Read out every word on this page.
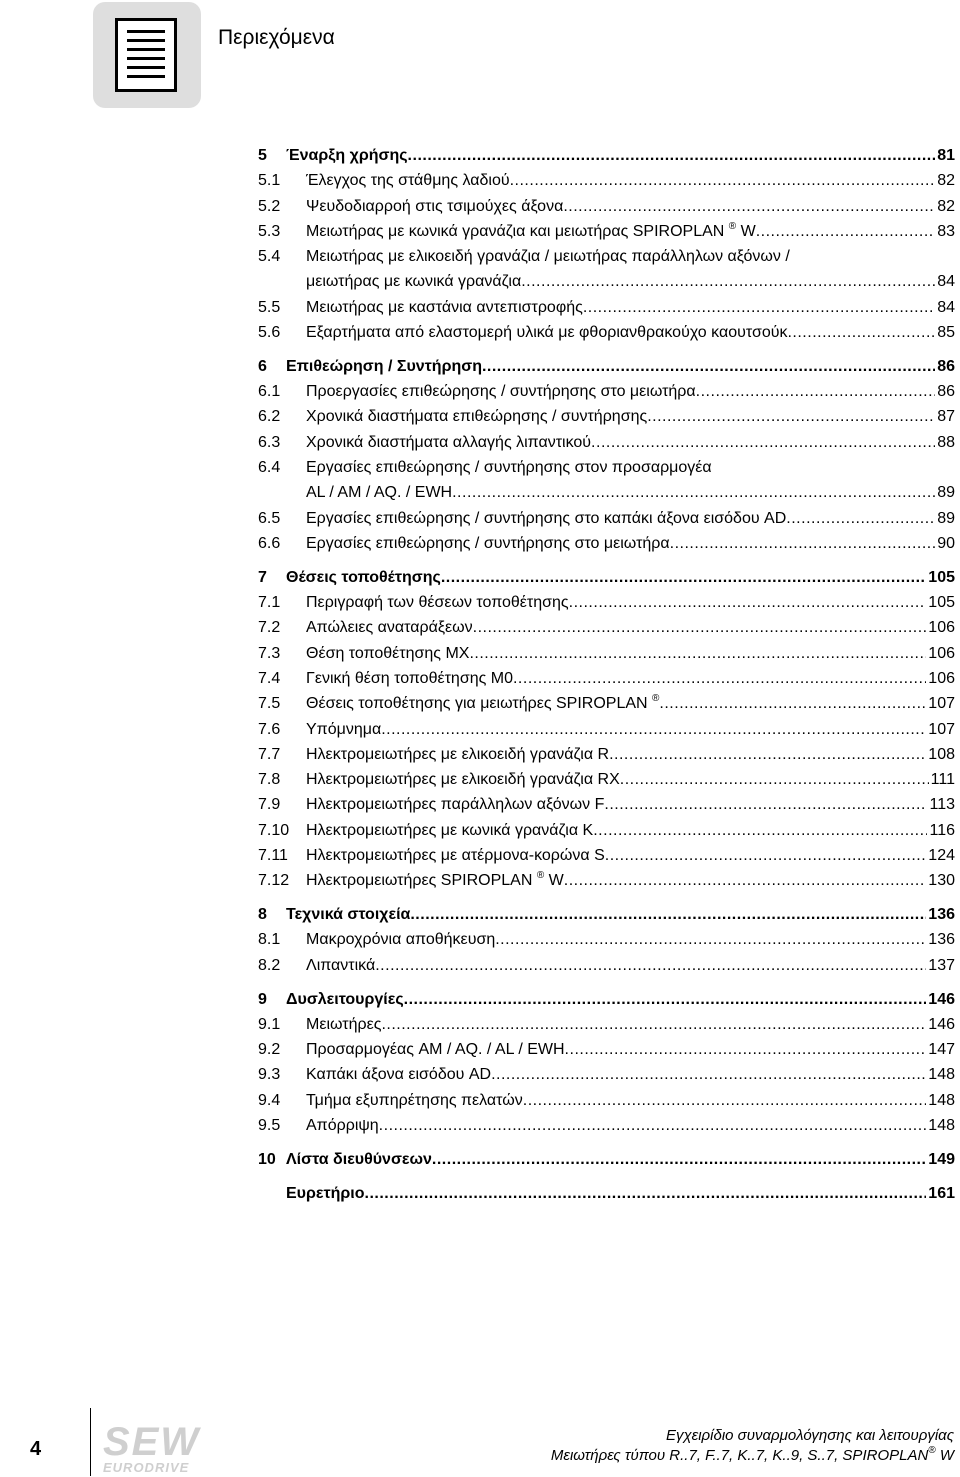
Περιεχόμενα
5	Έναρξη χρήσης .....	81
5.1	Έλεγχος της στάθμης λαδιού .....	82
5.2	Ψευδοδιαρροή στις τσιμούχες άξονα .....	82
5.3	Μειωτήρας με κωνικά γρανάζια και μειωτήρας SPIROPLAN ® W .....	83
5.4	Μειωτήρας με ελικοειδή γρανάζια / μειωτήρας παράλληλων αξόνων /
μειωτήρας με κωνικά γρανάζια .....	84
5.5	Μειωτήρας με καστάνια αντεπιστροφής .....	84
5.6	Εξαρτήματα από ελαστομερή υλικά με φθοριανθρακούχο καουτσούκ .....	85
6	Επιθεώρηση / Συντήρηση .....	86
6.1	Προεργασίες επιθεώρησης / συντήρησης στο μειωτήρα .....	86
6.2	Χρονικά διαστήματα επιθεώρησης / συντήρησης .....	87
6.3	Χρονικά διαστήματα αλλαγής λιπαντικού .....	88
6.4	Εργασίες επιθεώρησης / συντήρησης στον προσαρμογέα
AL / AM / AQ. / EWH .....	89
6.5	Εργασίες επιθεώρησης / συντήρησης στο καπάκι άξονα εισόδου AD .....	89
6.6	Εργασίες επιθεώρησης / συντήρησης στο μειωτήρα .....	90
7	Θέσεις τοποθέτησης .....	105
7.1	Περιγραφή των θέσεων τοποθέτησης .....	105
7.2	Απώλειες αναταράξεων .....	106
7.3	Θέση τοποθέτησης MX .....	106
7.4	Γενική θέση τοποθέτησης M0 .....	106
7.5	Θέσεις τοποθέτησης για μειωτήρες SPIROPLAN ® .....	107
7.6	Υπόμνημα .....	107
7.7	Ηλεκτρομειωτήρες με ελικοειδή γρανάζια R .....	108
7.8	Ηλεκτρομειωτήρες με ελικοειδή γρανάζια RX .....	111
7.9	Ηλεκτρομειωτήρες παράλληλων αξόνων F .....	113
7.10	Ηλεκτρομειωτήρες με κωνικά γρανάζια K .....	116
7.11	Ηλεκτρομειωτήρες με ατέρμονα-κορώνα S .....	124
7.12	Ηλεκτρομειωτήρες SPIROPLAN ® W .....	130
8	Τεχνικά στοιχεία .....	136
8.1	Μακροχρόνια αποθήκευση .....	136
8.2	Λιπαντικά .....	137
9	Δυσλειτουργίες .....	146
9.1	Μειωτήρες .....	146
9.2	Προσαρμογέας AM / AQ. / AL / EWH .....	147
9.3	Καπάκι άξονα εισόδου AD .....	148
9.4	Τμήμα εξυπηρέτησης πελατών .....	148
9.5	Απόρριψη .....	148
10 Λίστα διευθύνσεων .....	149
Ευρετήριο .....	161
4 SEW
EURODRIVE
Εγχειρίδιο συναρμολόγησης και λειτουργίας
Μειωτήρες τύπου R..7, F..7, K..7, K..9, S..7, SPIROPLAN® W
